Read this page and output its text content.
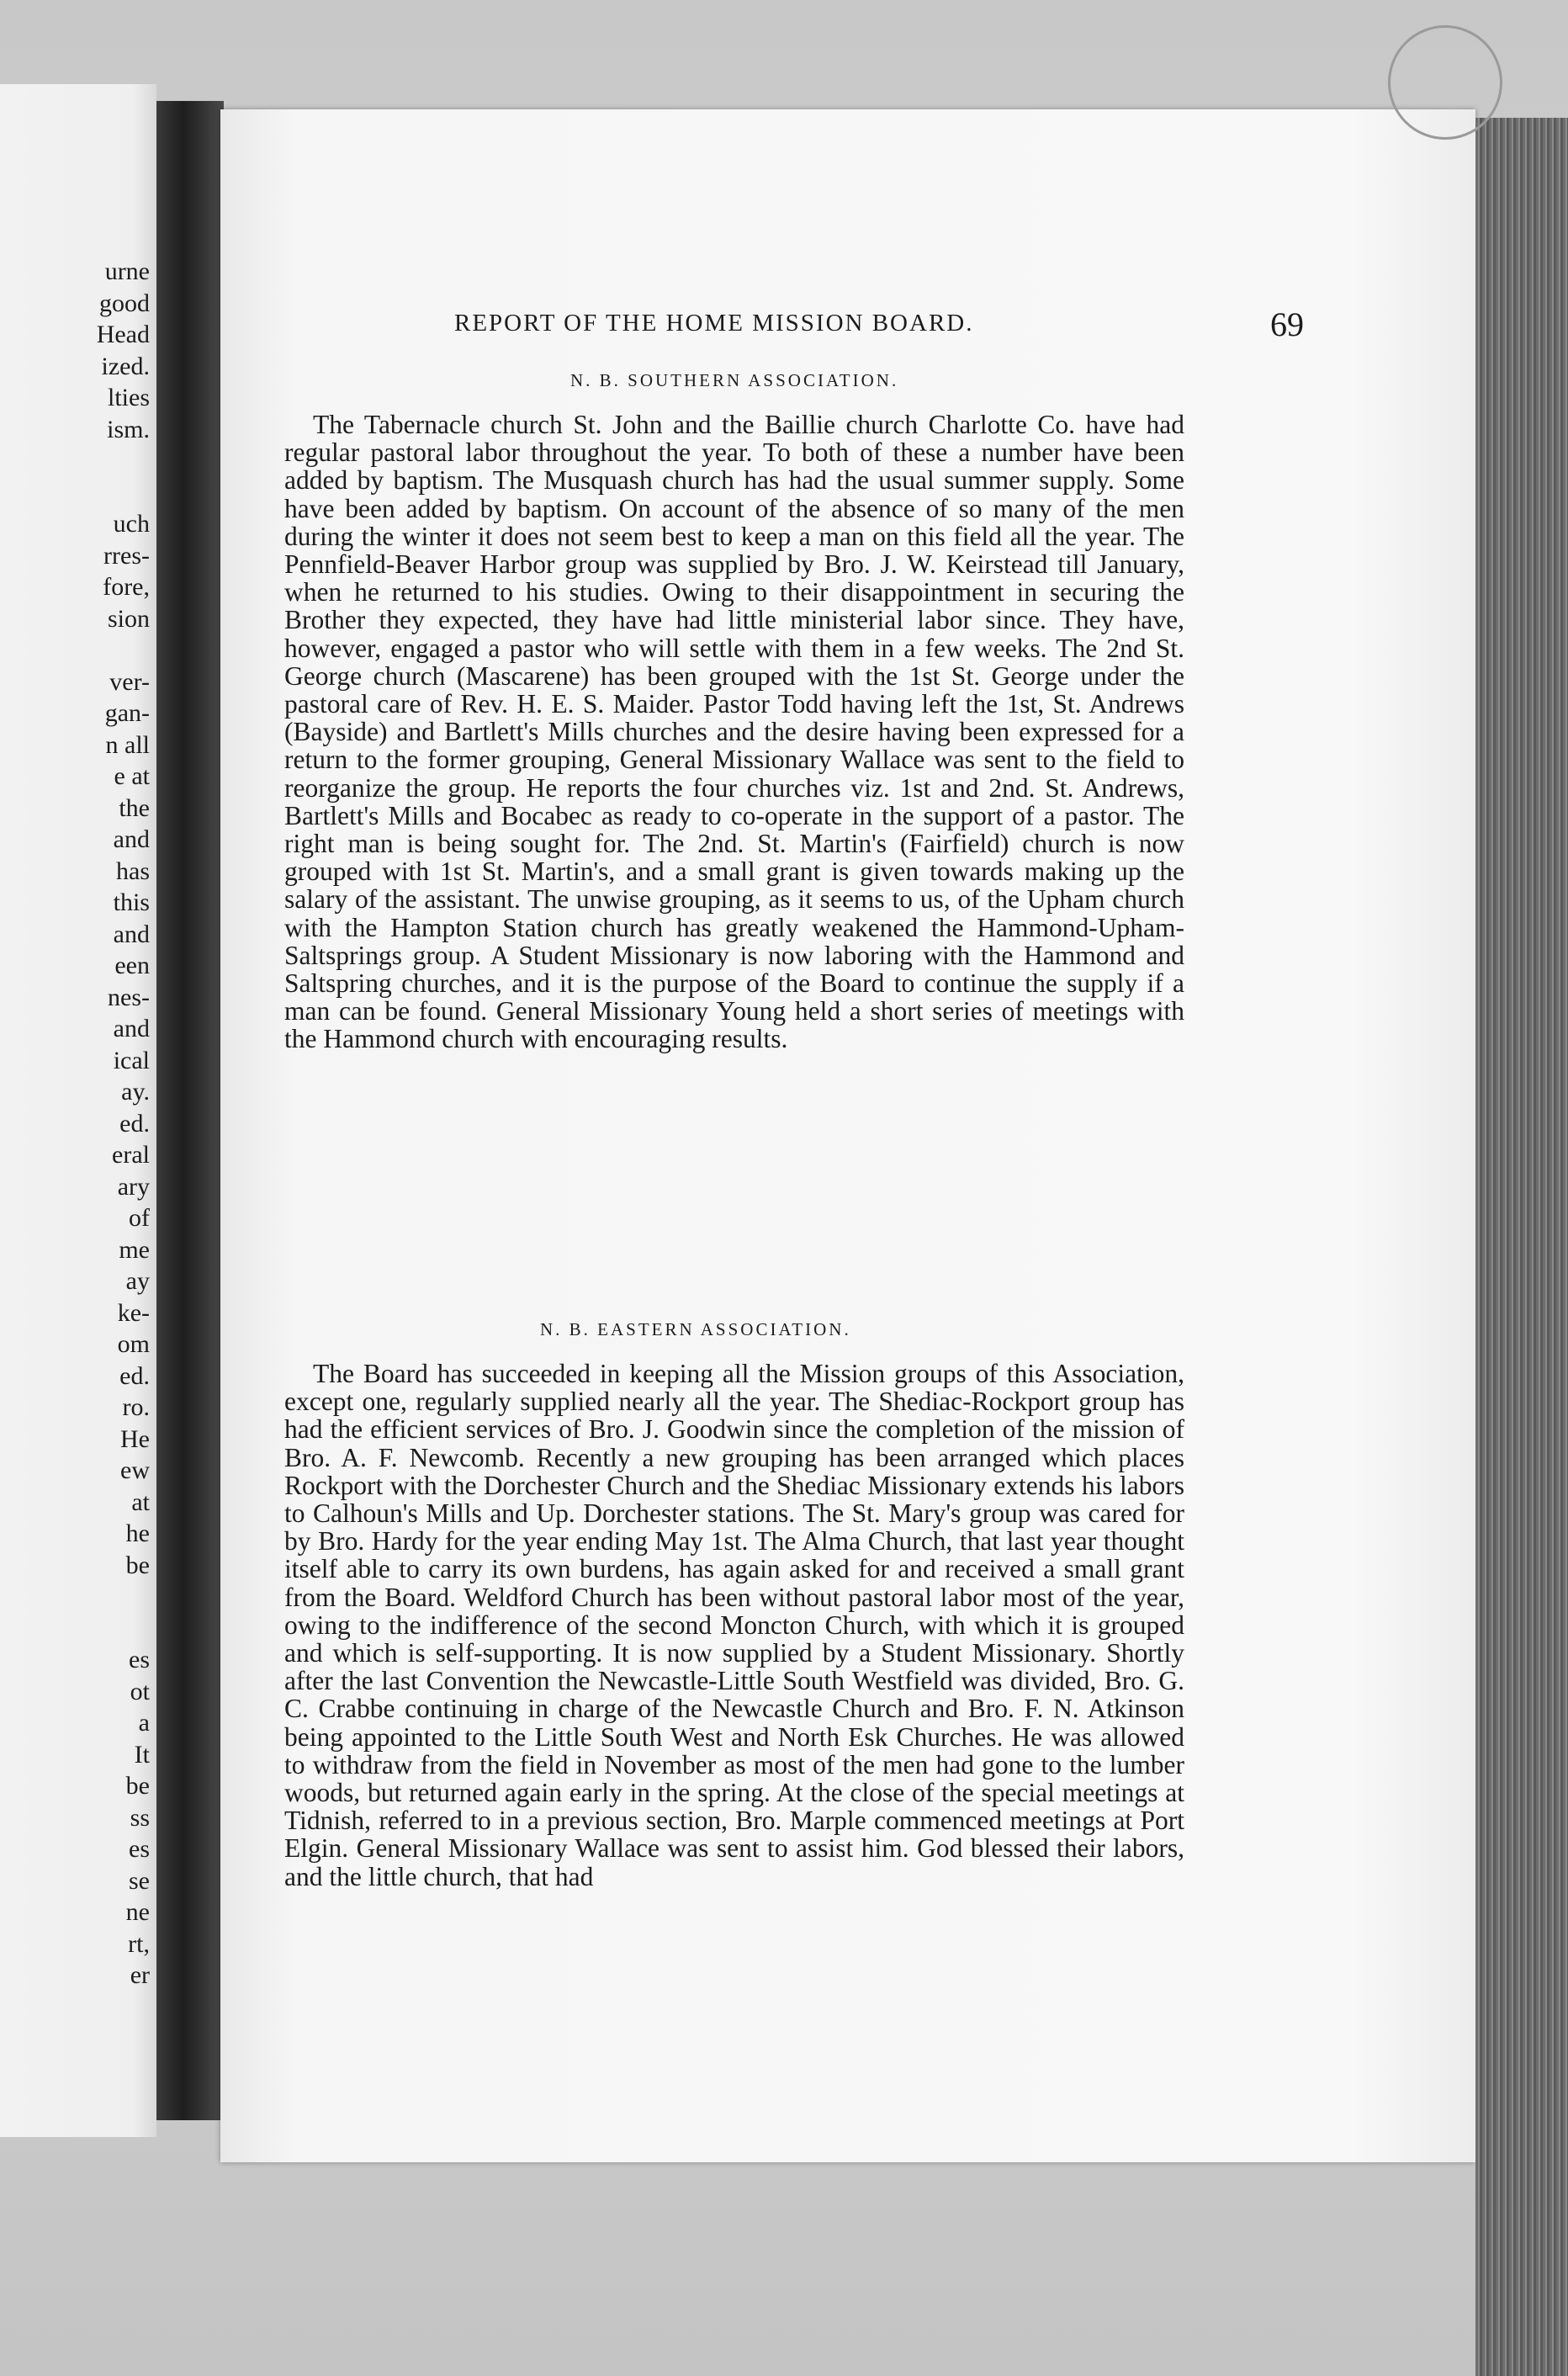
urne
good
Head
ized.
lties
ism.
uch
rres-
fore,
sion
ver-
gan-
n all
e at
the
and
has
this
and
een
nes-
and
ical
ay.
ed.
eral
ary
of
me
ay
ke-
om
ed.
ro.
He
ew
at
he
be
es
ot
a
It
be
ss
es
se
ne
rt,
er
REPORT OF THE HOME MISSION BOARD.	69
N. B. SOUTHERN ASSOCIATION.

The Tabernacle church St. John and the Baillie church Charlotte Co. have had regular pastoral labor throughout the year. To both of these a number have been added by baptism. The Musquash church has had the usual summer supply. Some have been added by baptism. On account of the absence of so many of the men during the winter it does not seem best to keep a man on this field all the year. The Pennfield-Beaver Harbor group was supplied by Bro. J. W. Keirstead till January, when he returned to his studies. Owing to their disappointment in securing the Brother they expected, they have had little ministerial labor since. They have, however, engaged a pastor who will settle with them in a few weeks. The 2nd St. George church (Mascarene) has been grouped with the 1st St. George under the pastoral care of Rev. H. E. S. Maider. Pastor Todd having left the 1st, St. Andrews (Bayside) and Bartlett's Mills churches and the desire having been expressed for a return to the former grouping, General Missionary Wallace was sent to the field to reorganize the group. He reports the four churches viz. 1st and 2nd. St. Andrews, Bartlett's Mills and Bocabec as ready to co-operate in the support of a pastor. The right man is being sought for. The 2nd. St. Martin's (Fairfield) church is now grouped with 1st St. Martin's, and a small grant is given towards making up the salary of the assistant. The unwise grouping, as it seems to us, of the Upham church with the Hampton Station church has greatly weakened the Hammond-Upham-Saltsprings group. A Student Missionary is now laboring with the Hammond and Saltspring churches, and it is the purpose of the Board to continue the supply if a man can be found. General Missionary Young held a short series of meetings with the Hammond church with encouraging results.

N. B. EASTERN ASSOCIATION.

The Board has succeeded in keeping all the Mission groups of this Association, except one, regularly supplied nearly all the year. The Shediac-Rockport group has had the efficient services of Bro. J. Goodwin since the completion of the mission of Bro. A. F. Newcomb. Recently a new grouping has been arranged which places Rockport with the Dorchester Church and the Shediac Missionary extends his labors to Calhoun's Mills and Up. Dorchester stations. The St. Mary's group was cared for by Bro. Hardy for the year ending May 1st. The Alma Church, that last year thought itself able to carry its own burdens, has again asked for and received a small grant from the Board. Weldford Church has been without pastoral labor most of the year, owing to the indifference of the second Moncton Church, with which it is grouped and which is self-supporting. It is now supplied by a Student Missionary. Shortly after the last Convention the Newcastle-Little South Westfield was divided, Bro. G. C. Crabbe continuing in charge of the Newcastle Church and Bro. F. N. Atkinson being appointed to the Little South West and North Esk Churches. He was allowed to withdraw from the field in November as most of the men had gone to the lumber woods, but returned again early in the spring. At the close of the special meetings at Tidnish, referred to in a previous section, Bro. Marple commenced meetings at Port Elgin. General Missionary Wallace was sent to assist him. God blessed their labors, and the little church, that had
